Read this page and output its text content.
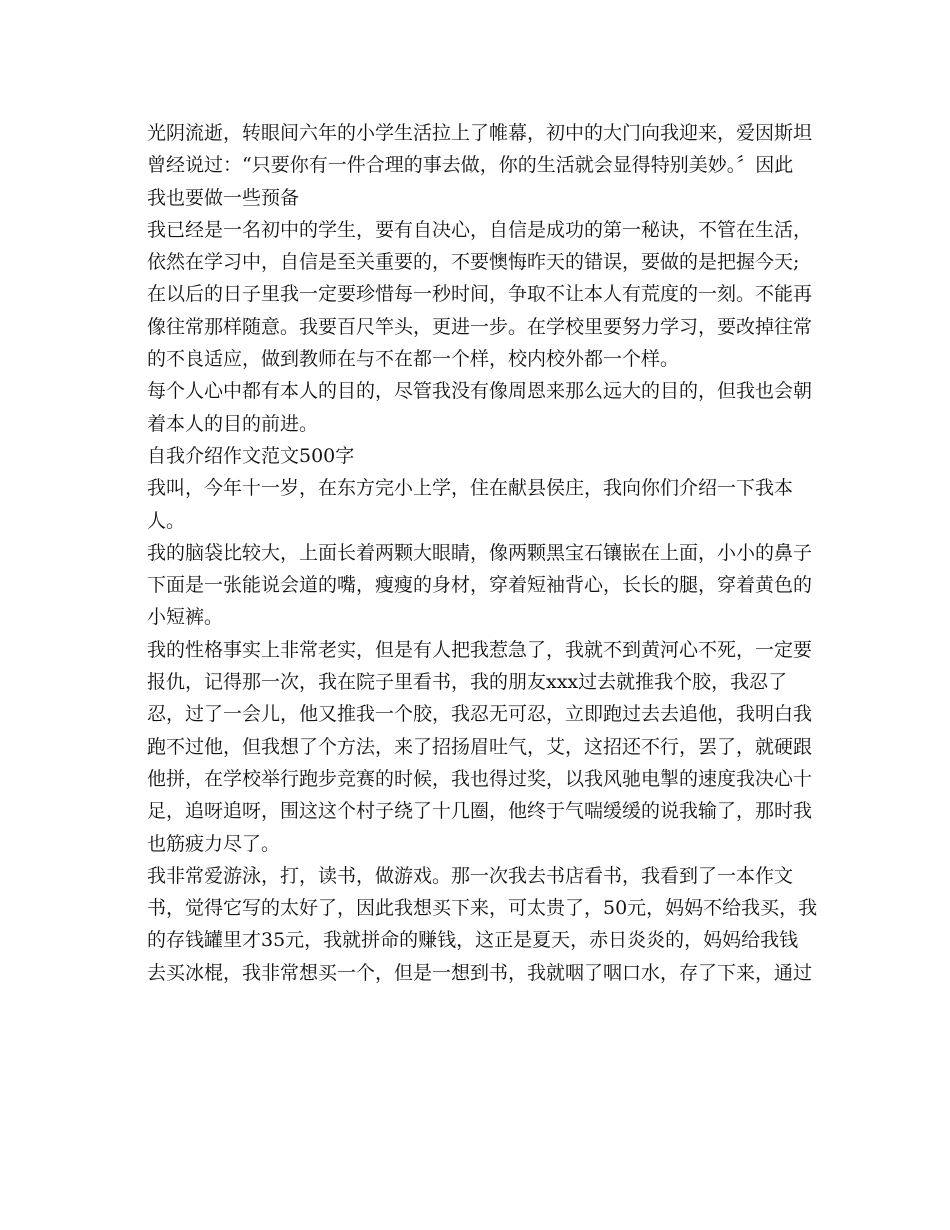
光阴流逝，转眼间六年的小学生活拉上了帷幕，初中的大门向我迎来，爱因斯坦
曾经说过：“只要你有一件合理的事去做，你的生活就会显得特别美妙。〞因此
我也要做一些预备
我已经是一名初中的学生，要有自决心，自信是成功的第一秘诀，不管在生活，
依然在学习中，自信是至关重要的，不要懊悔昨天的错误，要做的是把握今天;
在以后的日子里我一定要珍惜每一秒时间，争取不让本人有荒度的一刻。不能再
像往常那样随意。我要百尺竿头，更进一步。在学校里要努力学习，要改掉往常
的不良适应，做到教师在与不在都一个样，校内校外都一个样。
每个人心中都有本人的目的，尽管我没有像周恩来那么远大的目的，但我也会朝
着本人的目的前进。
自我介绍作文范文500字
我叫，今年十一岁，在东方完小上学，住在献县侯庄，我向你们介绍一下我本
人。
我的脑袋比较大，上面长着两颗大眼睛，像两颗黑宝石镶嵌在上面，小小的鼻子
下面是一张能说会道的嘴，瘦瘦的身材，穿着短袖背心，长长的腿，穿着黄色的
小短裤。
我的性格事实上非常老实，但是有人把我惹急了，我就不到黄河心不死，一定要
报仇，记得那一次，我在院子里看书，我的朋友xxx过去就推我个胶，我忍了
忍，过了一会儿，他又推我一个胶，我忍无可忍，立即跑过去去追他，我明白我
跑不过他，但我想了个方法，来了招扬眉吐气，艾，这招还不行，罢了，就硬跟
他拼，在学校举行跑步竞赛的时候，我也得过奖，以我风驰电掣的速度我决心十
足，追呀追呀，围这这个村子绕了十几圈，他终于气喘缓缓的说我输了，那时我
也筋疲力尽了。
我非常爱游泳，打，读书，做游戏。那一次我去书店看书，我看到了一本作文
书，觉得它写的太好了，因此我想买下来，可太贵了，50元，妈妈不给我买，我
的存钱罐里才35元，我就拼命的赚钱，这正是夏天，赤日炎炎的，妈妈给我钱
去买冰棍，我非常想买一个，但是一想到书，我就咽了咽口水，存了下来，通过
